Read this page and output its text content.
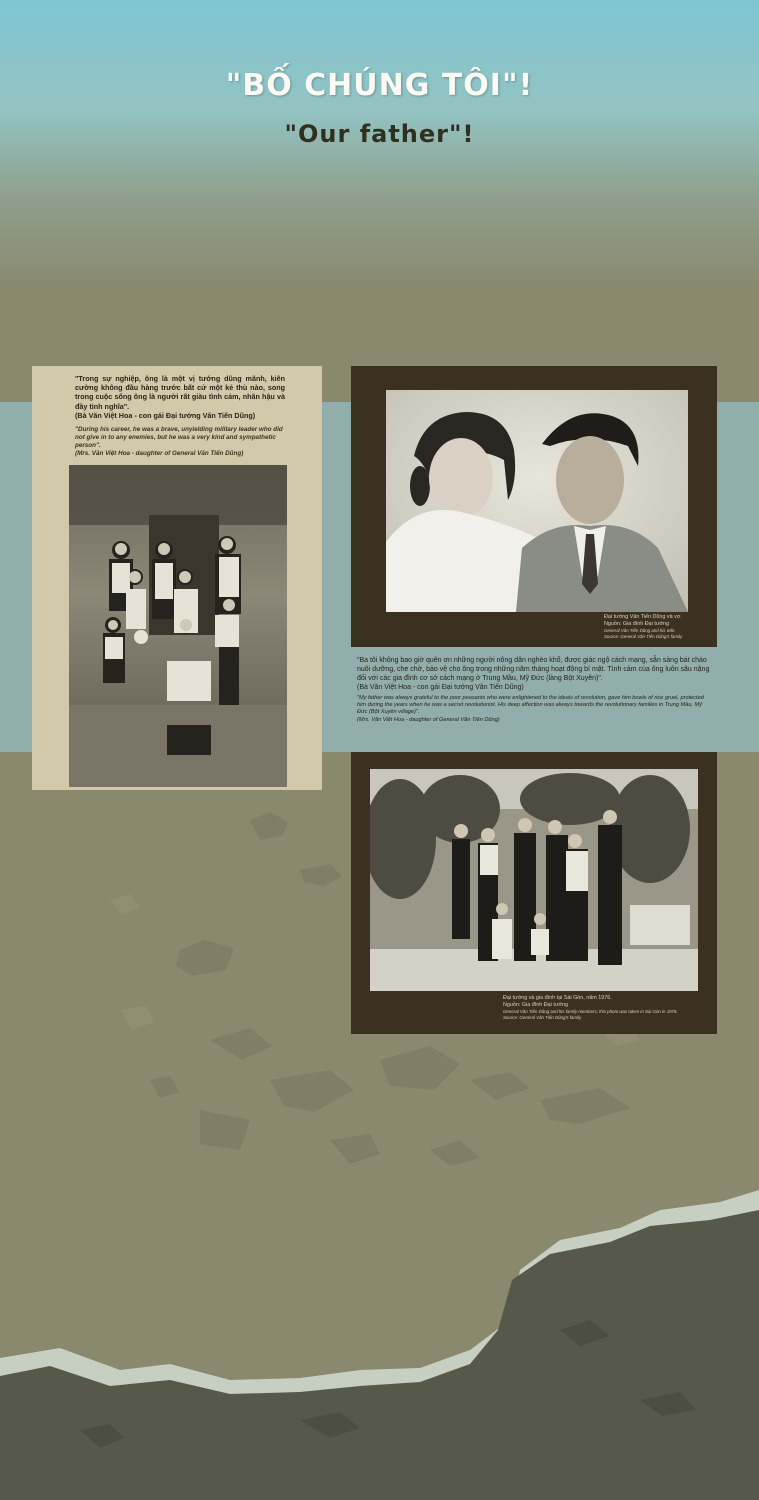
"BỐ CHÚNG TÔI"!
"Our father"!

"Trong sự nghiệp, ông là một vị tướng dũng mãnh, kiên cường không đầu hàng trước bất cứ một kẻ thù nào, song trong cuộc sống ông là người rất giàu tình cảm, nhân hậu và đầy tình nghĩa".

(Bà Văn Việt Hoa - con gái Đại tướng Văn Tiến Dũng)

"During his career, he was a brave, unyielding military leader who did not give in to any enemies, but he was a very kind and sympathetic person".

(Mrs. Văn Việt Hoa - daughter of General Văn Tiến Dũng)

Đại tướng Văn Tiến Dũng và vợ.
Nguồn: Gia đình Đại tướng
General Văn Tiến Dũng and his wife.
Source: General Văn Tiến Dũng's family

"Ba tôi không bao giờ quên ơn những người nông dân nghèo khổ, được giác ngộ cách mạng, sẵn sàng bát cháo nuôi dưỡng, che chở, bảo vệ cho ông trong những năm tháng hoạt động bí mật. Tình cảm của ông luôn sâu nặng đối với các gia đình cơ sở cách mạng ở Trung Mầu, Mỹ Đức (làng Bột Xuyên)".

(Bà Văn Việt Hoa - con gái Đại tướng Văn Tiến Dũng)

"My father was always grateful to the poor peasants who were enlightened to the ideals of revolution, gave him bowls of rice gruel, protected him during the years when he was a secret revolutionist. His deep affection was always towards the revolutionary families in Trung Mầu, Mỹ Đức (Bột Xuyên village)".

(Mrs. Văn Việt Hoa - daughter of General Văn Tiến Dũng)

Đại tướng và gia đình tại Sài Gòn, năm 1976.
Nguồn: Gia đình Đại tướng
General Văn Tiến Dũng and his family members; this photo was taken in Sài Gòn in 1976.
Source: General Văn Tiến Dũng's family
